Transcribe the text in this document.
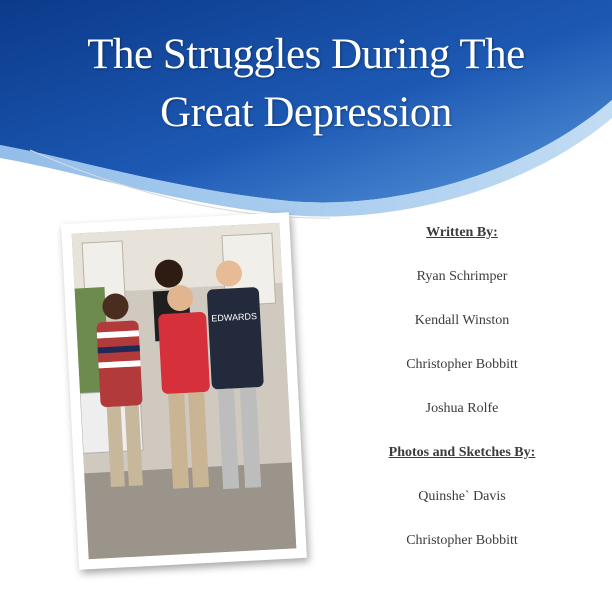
The Struggles During The
Great Depression
EDWARDS
Written By:
Ryan Schrimper
Kendall Winston
Christopher Bobbitt
Joshua Rolfe
Photos and Sketches By:
Quinshe` Davis
Christopher Bobbitt
